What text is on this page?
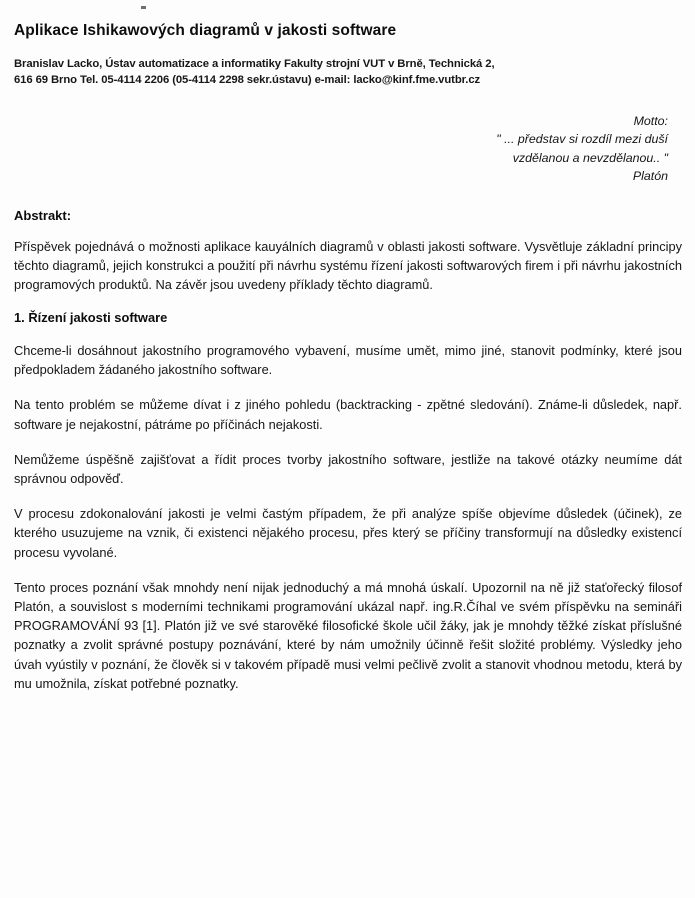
Aplikace Ishikawových diagramů v jakosti software
Branislav Lacko, Ústav automatizace a informatiky Fakulty strojní VUT v Brně, Technická 2,
616 69 Brno Tel. 05-4114 2206 (05-4114 2298 sekr.ústavu) e-mail: lacko@kinf.fme.vutbr.cz
Motto:
" ... představ si rozdíl mezi duší
vzdělanou a nevzdělanou.. "
Platón
Abstrakt:

Příspěvek pojednává o možnosti aplikace kauyálních diagramů v oblasti jakosti software. Vysvětluje základní principy těchto diagramů, jejich konstrukci a použití při návrhu systému řízení jakosti softwarových firem i při návrhu jakostních programových produktů. Na závěr jsou uvedeny příklady těchto diagramů.

1. Řízení jakosti software

Chceme-li dosáhnout jakostního programového vybavení, musíme umět, mimo jiné, stanovit podmínky, které jsou předpokladem žádaného jakostního software.

Na tento problém se můžeme dívat i z jiného pohledu (backtracking - zpětné sledování). Známe-li důsledek, např. software je nejakostní, pátráme po příčinách nejakosti.

Nemůžeme úspěšně zajišťovat a řídit proces tvorby jakostního software, jestliže na takové otázky neumíme dát správnou odpověď.

V procesu zdokonalování jakosti je velmi častým případem, že při analýze spíše objevíme důsledek (účinek), ze kterého usuzujeme na vznik, či existenci nějakého procesu, přes který se příčiny transformují na důsledky existencí procesu vyvolané.

Tento proces poznání však mnohdy není nijak jednoduchý a má mnohá úskalí. Upozornil na ně již staťořecký filosof Platón, a souvislost s moderními technikami programování ukázal např. ing.R.Číhal ve svém příspěvku na semináři PROGRAMOVÁNÍ 93 [1]. Platón již ve své starověké filosofické škole učil žáky, jak je mnohdy těžké získat příslušné poznatky a zvolit správné postupy poznávání, které by nám umožnily účinně řešit složité problémy. Výsledky jeho úvah vyústily v poznání, že člověk si v takovém případě musi velmi pečlivě zvolit a stanovit vhodnou metodu, která by mu umožnila, získat potřebné poznatky.
